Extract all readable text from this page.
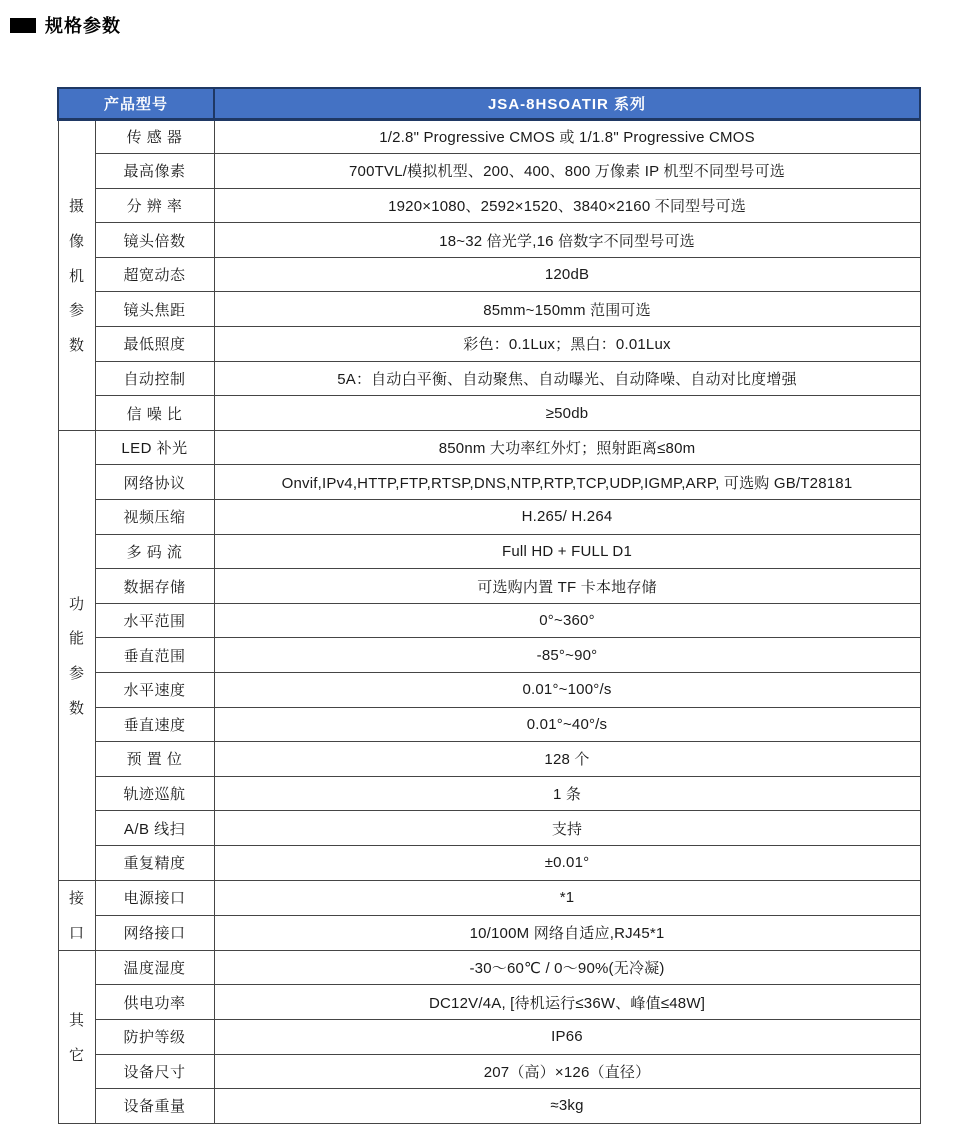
规格参数
产品型号		JSA-8HSOATIR 系列

摄
像
机
参
数	传 感 器	1/2.8" Progressive CMOS 或 1/1.8" Progressive CMOS
	最高像素	700TVL/模拟机型、200、400、800 万像素 IP 机型不同型号可选
	分 辨 率	1920×1080、2592×1520、3840×2160 不同型号可选
	镜头倍数	18~32 倍光学,16 倍数字不同型号可选
	超宽动态	120dB
	镜头焦距	85mm~150mm 范围可选
	最低照度	彩色：0.1Lux；黑白：0.01Lux
	自动控制	5A：自动白平衡、自动聚焦、自动曝光、自动降噪、自动对比度增强
	信 噪 比	≥50db

功
能
参
数	LED 补光	850nm 大功率红外灯；照射距离≤80m
	网络协议	Onvif,IPv4,HTTP,FTP,RTSP,DNS,NTP,RTP,TCP,UDP,IGMP,ARP, 可选购 GB/T28181
	视频压缩	H.265/ H.264
	多 码 流	Full HD + FULL D1
	数据存储	可选购内置 TF 卡本地存储
	水平范围	0°~360°
	垂直范围	-85°~90°
	水平速度	0.01°~100°/s
	垂直速度	0.01°~40°/s
	预 置 位	128 个
	轨迹巡航	1 条
	A/B 线扫	支持
	重复精度	±0.01°

接
口	电源接口	*1
	网络接口	10/100M 网络自适应,RJ45*1

其
它	温度湿度	-30～60℃ / 0～90%(无冷凝)
	供电功率	DC12V/4A, [待机运行≤36W、峰值≤48W]
	防护等级	IP66
	设备尺寸	207（高）×126（直径）
	设备重量	≈3kg
